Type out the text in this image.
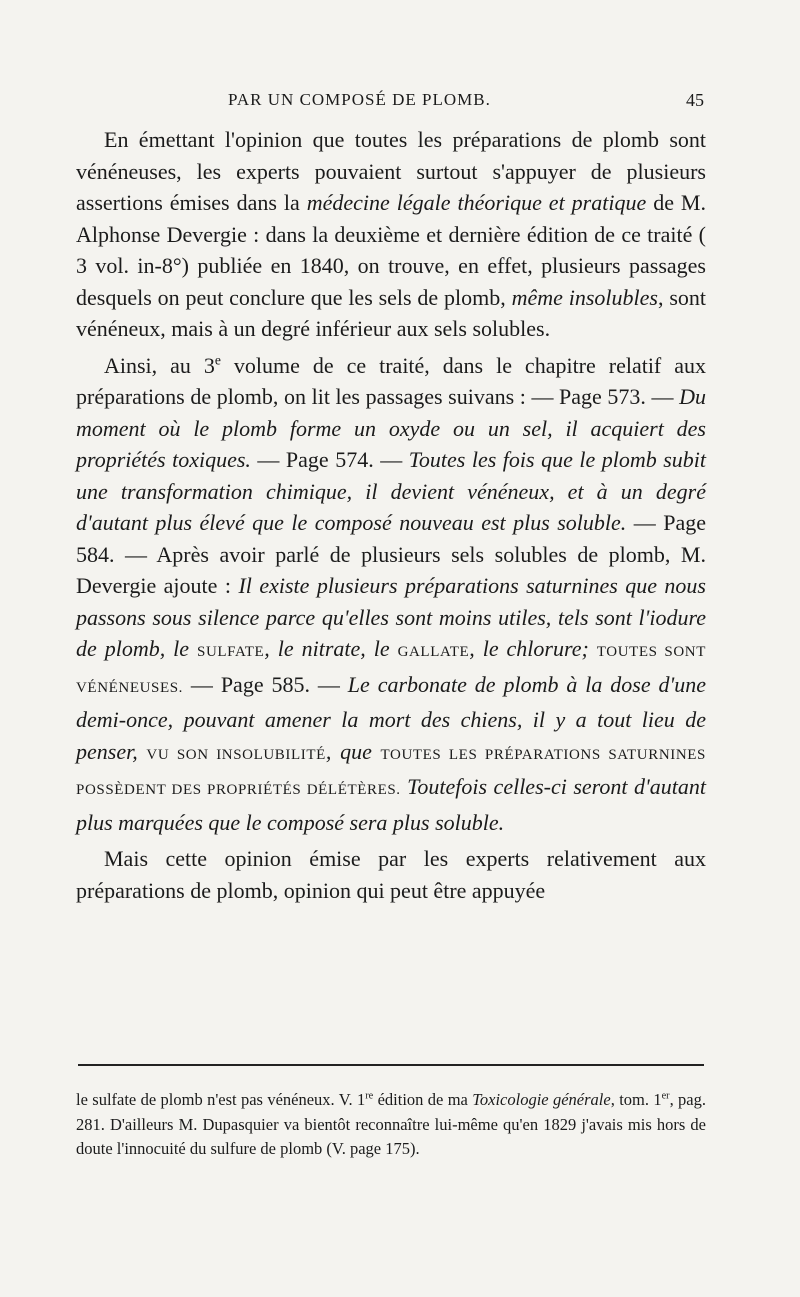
PAR UN COMPOSÉ DE PLOMB.	45

En émettant l'opinion que toutes les préparations de plomb sont vénéneuses, les experts pouvaient surtout s'appuyer de plusieurs assertions émises dans la médecine légale théorique et pratique de M. Alphonse Devergie : dans la deuxième et dernière édition de ce traité ( 3 vol. in-8°) publiée en 1840, on trouve, en effet, plusieurs passages desquels on peut conclure que les sels de plomb, même insolubles, sont vénéneux, mais à un degré inférieur aux sels solubles.

Ainsi, au 3e volume de ce traité, dans le chapitre relatif aux préparations de plomb, on lit les passages suivans : — Page 573. — Du moment où le plomb forme un oxyde ou un sel, il acquiert des propriétés toxiques. — Page 574. — Toutes les fois que le plomb subit une transformation chimique, il devient vénéneux, et à un degré d'autant plus élevé que le composé nouveau est plus soluble. — Page 584. — Après avoir parlé de plusieurs sels solubles de plomb, M. Devergie ajoute : Il existe plusieurs préparations saturnines que nous passons sous silence parce qu'elles sont moins utiles, tels sont l'iodure de plomb, le SULFATE, le nitrate, le GALLATE, le chlorure; TOUTES SONT VÉNÉNEUSES. — Page 585. — Le carbonate de plomb à la dose d'une demi-once, pouvant amener la mort des chiens, il y a tout lieu de penser, VU SON INSOLUBILITÉ, que TOUTES LES PRÉPARATIONS SATURNINES POSSÈDENT DES PROPRIÉTÉS DÉLÉTÈRES. Toutefois celles-ci seront d'autant plus marquées que le composé sera plus soluble.

Mais cette opinion émise par les experts relativement aux préparations de plomb, opinion qui peut être appuyée

le sulfate de plomb n'est pas vénéneux. V. 1re édition de ma Toxicologie générale, tom. 1er, pag. 281. D'ailleurs M. Dupasquier va bientôt reconnaître lui-même qu'en 1829 j'avais mis hors de doute l'innocuité du sulfure de plomb (V. page 175).
